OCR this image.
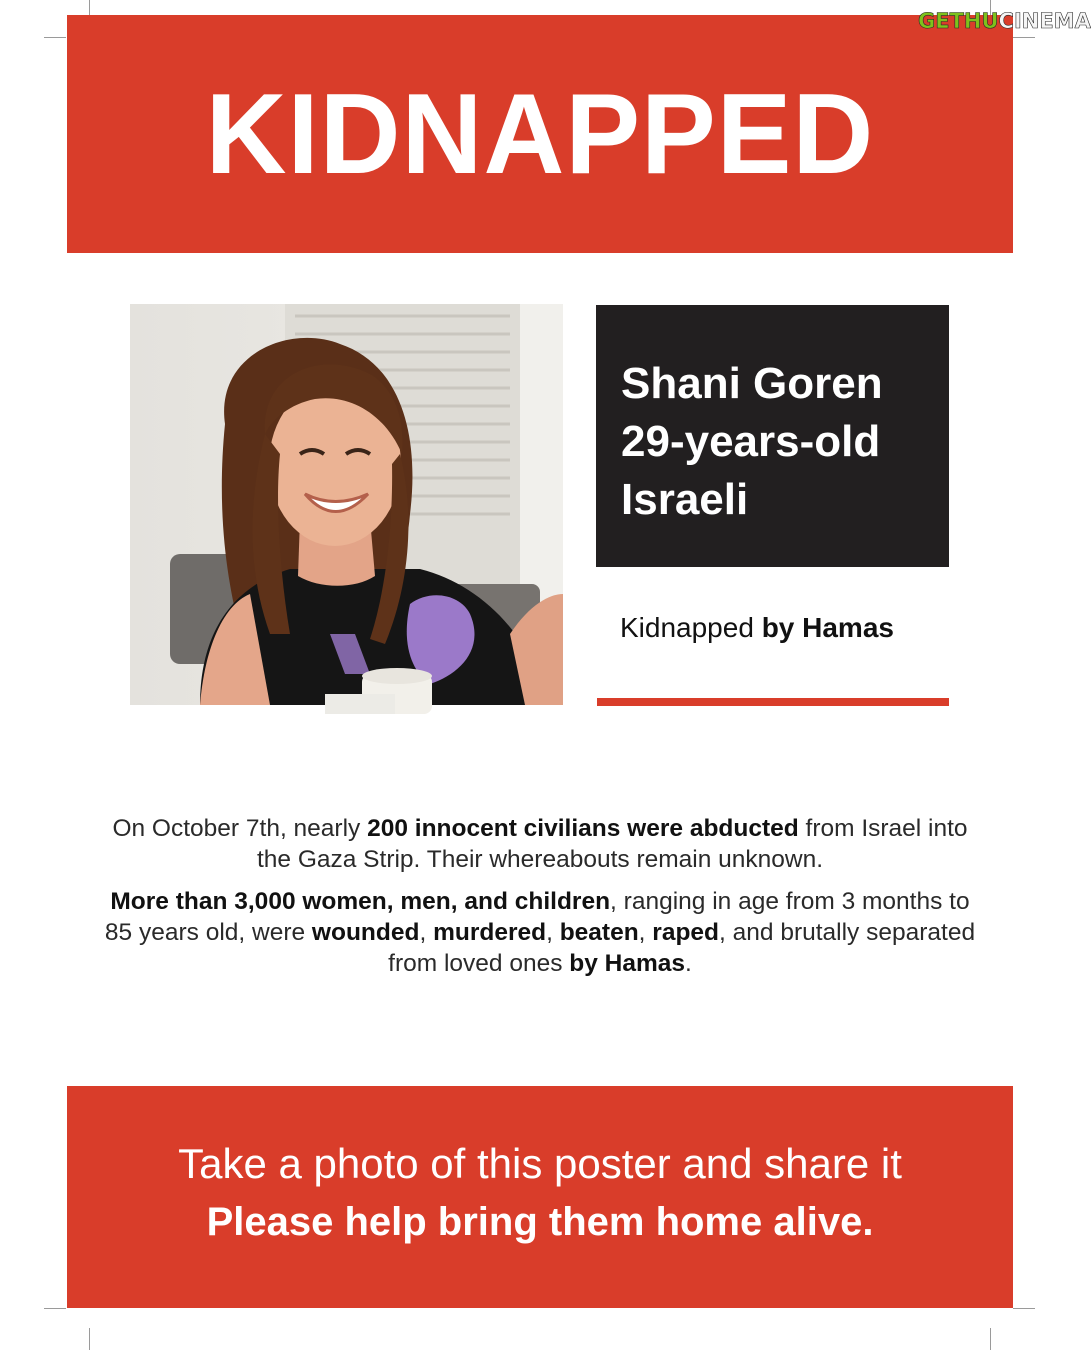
KIDNAPPED
GETHUCINEMA
Shani Goren
29-years-old
Israeli
Kidnapped by Hamas

On October 7th, nearly 200 innocent civilians were abducted from Israel into the Gaza Strip. Their whereabouts remain unknown.

More than 3,000 women, men, and children, ranging in age from 3 months to 85 years old, were wounded, murdered, beaten, raped, and brutally separated from loved ones by Hamas.

Take a photo of this poster and share it
Please help bring them home alive.
